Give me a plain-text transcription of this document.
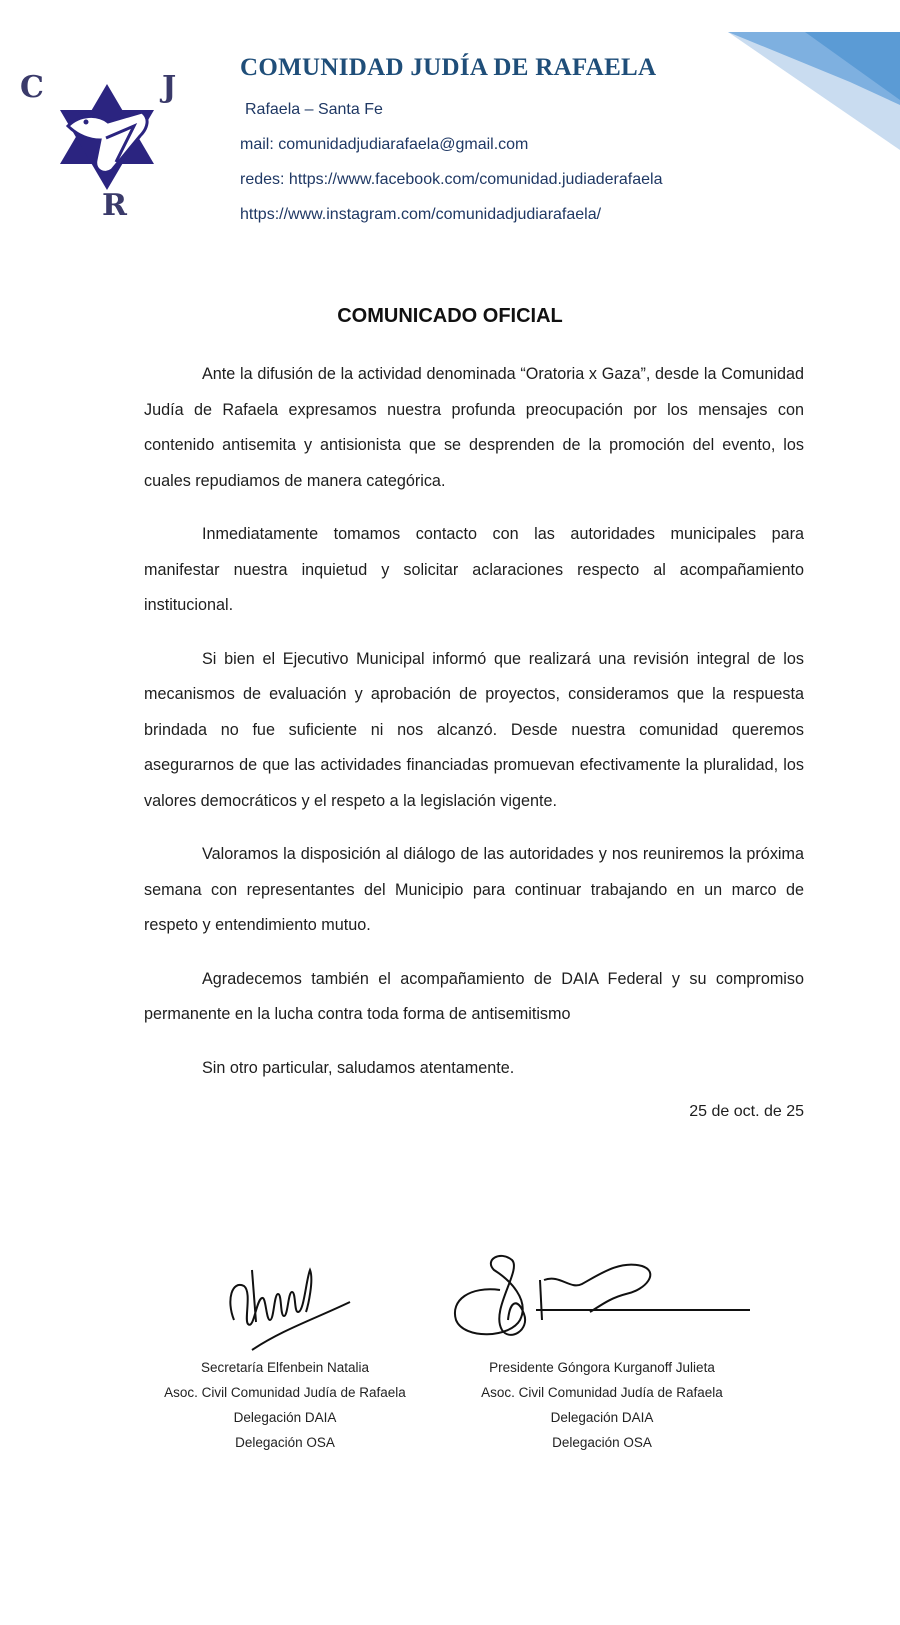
C	J
R
COMUNIDAD JUDÍA DE RAFAELA
Rafaela – Santa Fe
mail: comunidadjudiarafaela@gmail.com
redes: https://www.facebook.com/comunidad.judiaderafaela
https://www.instagram.com/comunidadjudiarafaela/
COMUNICADO OFICIAL

Ante la difusión de la actividad denominada “Oratoria x Gaza”, desde la Comunidad Judía de Rafaela expresamos nuestra profunda preocupación por los mensajes con contenido antisemita y antisionista que se desprenden de la promoción del evento, los cuales repudiamos de manera categórica.

Inmediatamente tomamos contacto con las autoridades municipales para manifestar nuestra inquietud y solicitar aclaraciones respecto al acompañamiento institucional.

Si bien el Ejecutivo Municipal informó que realizará una revisión integral de los mecanismos de evaluación y aprobación de proyectos, consideramos que la respuesta brindada no fue suficiente ni nos alcanzó. Desde nuestra comunidad queremos asegurarnos de que las actividades financiadas promuevan efectivamente la pluralidad, los valores democráticos y el respeto a la legislación vigente.

Valoramos la disposición al diálogo de las autoridades y nos reuniremos la próxima semana con representantes del Municipio para continuar trabajando en un marco de respeto y entendimiento mutuo.

Agradecemos también el acompañamiento de DAIA Federal y su compromiso permanente en la lucha contra toda forma de antisemitismo

Sin otro particular, saludamos atentamente.

25 de oct. de 25
Secretaría Elfenbein Natalia
Asoc. Civil Comunidad Judía de Rafaela
Delegación DAIA
Delegación OSA
Presidente Góngora Kurganoff Julieta
Asoc. Civil Comunidad Judía de Rafaela
Delegación DAIA
Delegación OSA
